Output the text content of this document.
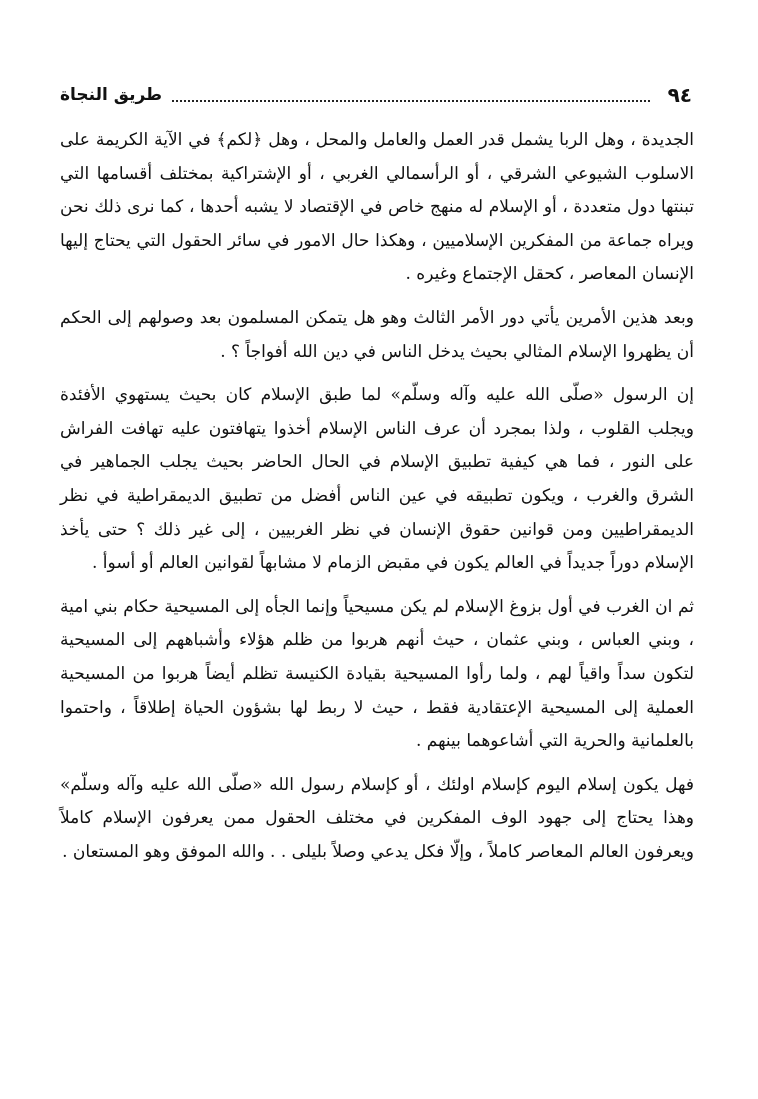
٩٤
طريق النجاة

الجديدة ، وهل الربا يشمل قدر العمل والعامل والمحل ، وهل ﴿لكم﴾ في الآية الكريمة على الاسلوب الشيوعي الشرقي ، أو الرأسمالي الغربي ، أو الإشتراكية بمختلف أقسامها التي تبنتها دول متعددة ، أو الإسلام له منهج خاص في الإقتصاد لا يشبه أحدها ، كما نرى ذلك نحن ويراه جماعة من المفكرين الإسلاميين ، وهكذا حال الامور في سائر الحقول التي يحتاج إليها الإنسان المعاصر ، كحقل الإجتماع وغيره .

وبعد هذين الأمرين يأتي دور الأمر الثالث وهو هل يتمكن المسلمون بعد وصولهم إلى الحكم أن يظهروا الإسلام المثالي بحيث يدخل الناس في دين الله أفواجاً ؟ .

إن الرسول «صلّى الله عليه وآله وسلّم» لما طبق الإسلام كان بحيث يستهوي الأفئدة ويجلب القلوب ، ولذا بمجرد أن عرف الناس الإسلام أخذوا يتهافتون عليه تهافت الفراش على النور ، فما هي كيفية تطبيق الإسلام في الحال الحاضر بحيث يجلب الجماهير في الشرق والغرب ، ويكون تطبيقه في عين الناس أفضل من تطبيق الديمقراطية في نظر الديمقراطيين ومن قوانين حقوق الإنسان في نظر الغربيين ، إلى غير ذلك ؟ حتى يأخذ الإسلام دوراً جديداً في العالم يكون في مقبض الزمام لا مشابهاً لقوانين العالم أو أسوأ .

ثم ان الغرب في أول بزوغ الإسلام لم يكن مسيحياً وإنما الجأه إلى المسيحية حكام بني امية ، وبني العباس ، وبني عثمان ، حيث أنهم هربوا من ظلم هؤلاء وأشباههم إلى المسيحية لتكون سداً واقياً لهم ، ولما رأوا المسيحية بقيادة الكنيسة تظلم أيضاً هربوا من المسيحية العملية إلى المسيحية الإعتقادية فقط ، حيث لا ربط لها بشؤون الحياة إطلاقاً ، واحتموا بالعلمانية والحرية التي أشاعوهما بينهم .

فهل يكون إسلام اليوم كإسلام اولئك ، أو كإسلام رسول الله «صلّى الله عليه وآله وسلّم» وهذا يحتاج إلى جهود الوف المفكرين في مختلف الحقول ممن يعرفون الإسلام كاملاً ويعرفون العالم المعاصر كاملاً ، وإلّا فكل يدعي وصلاً بليلى . . والله الموفق وهو المستعان .
